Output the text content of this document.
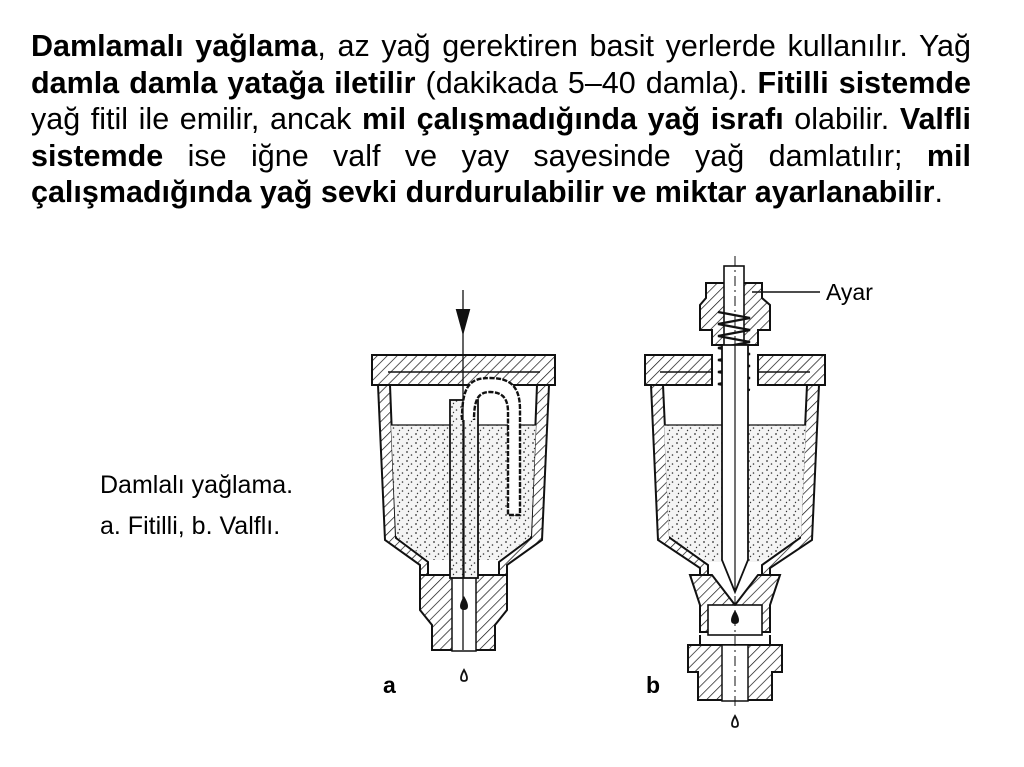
Damlamalı yağlama, az yağ gerektiren basit yerlerde kullanılır. Yağ damla damla yatağa iletilir (dakikada 5–40 damla). Fitilli sistemde yağ fitil ile emilir, ancak mil çalışmadığında yağ israfı olabilir. Valfli sistemde ise iğne valf ve yay sayesinde yağ damlatılır; mil çalışmadığında yağ sevki durdurulabilir ve miktar ayarlanabilir.

Damlalı yağlama.
a. Fitilli, b. Valflı.
a	b
Ayar
